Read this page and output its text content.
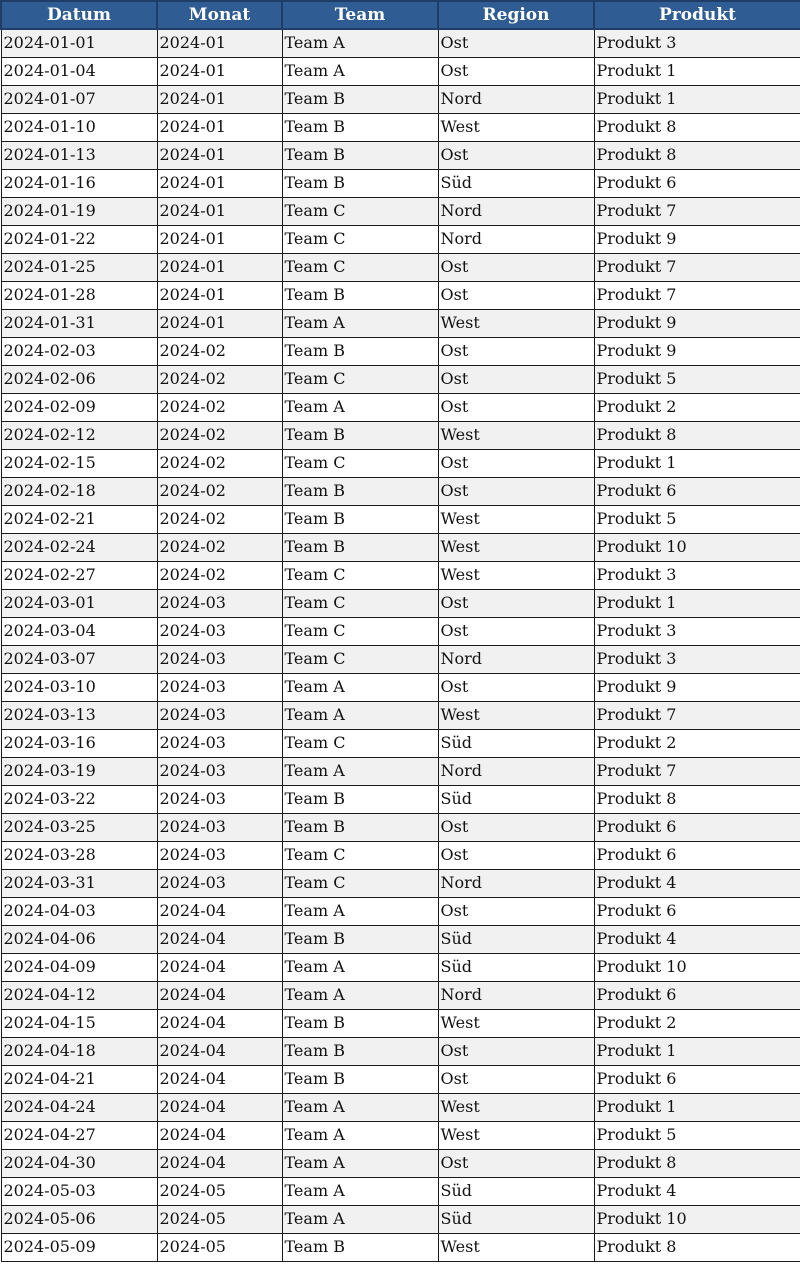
Datum	Monat	Team	Region	Produkt
2024-01-01	2024-01	Team A	Ost	Produkt 3
2024-01-04	2024-01	Team A	Ost	Produkt 1
2024-01-07	2024-01	Team B	Nord	Produkt 1
2024-01-10	2024-01	Team B	West	Produkt 8
2024-01-13	2024-01	Team B	Ost	Produkt 8
2024-01-16	2024-01	Team B	Süd	Produkt 6
2024-01-19	2024-01	Team C	Nord	Produkt 7
2024-01-22	2024-01	Team C	Nord	Produkt 9
2024-01-25	2024-01	Team C	Ost	Produkt 7
2024-01-28	2024-01	Team B	Ost	Produkt 7
2024-01-31	2024-01	Team A	West	Produkt 9
2024-02-03	2024-02	Team B	Ost	Produkt 9
2024-02-06	2024-02	Team C	Ost	Produkt 5
2024-02-09	2024-02	Team A	Ost	Produkt 2
2024-02-12	2024-02	Team B	West	Produkt 8
2024-02-15	2024-02	Team C	Ost	Produkt 1
2024-02-18	2024-02	Team B	Ost	Produkt 6
2024-02-21	2024-02	Team B	West	Produkt 5
2024-02-24	2024-02	Team B	West	Produkt 10
2024-02-27	2024-02	Team C	West	Produkt 3
2024-03-01	2024-03	Team C	Ost	Produkt 1
2024-03-04	2024-03	Team C	Ost	Produkt 3
2024-03-07	2024-03	Team C	Nord	Produkt 3
2024-03-10	2024-03	Team A	Ost	Produkt 9
2024-03-13	2024-03	Team A	West	Produkt 7
2024-03-16	2024-03	Team C	Süd	Produkt 2
2024-03-19	2024-03	Team A	Nord	Produkt 7
2024-03-22	2024-03	Team B	Süd	Produkt 8
2024-03-25	2024-03	Team B	Ost	Produkt 6
2024-03-28	2024-03	Team C	Ost	Produkt 6
2024-03-31	2024-03	Team C	Nord	Produkt 4
2024-04-03	2024-04	Team A	Ost	Produkt 6
2024-04-06	2024-04	Team B	Süd	Produkt 4
2024-04-09	2024-04	Team A	Süd	Produkt 10
2024-04-12	2024-04	Team A	Nord	Produkt 6
2024-04-15	2024-04	Team B	West	Produkt 2
2024-04-18	2024-04	Team B	Ost	Produkt 1
2024-04-21	2024-04	Team B	Ost	Produkt 6
2024-04-24	2024-04	Team A	West	Produkt 1
2024-04-27	2024-04	Team A	West	Produkt 5
2024-04-30	2024-04	Team A	Ost	Produkt 8
2024-05-03	2024-05	Team A	Süd	Produkt 4
2024-05-06	2024-05	Team A	Süd	Produkt 10
2024-05-09	2024-05	Team B	West	Produkt 8
